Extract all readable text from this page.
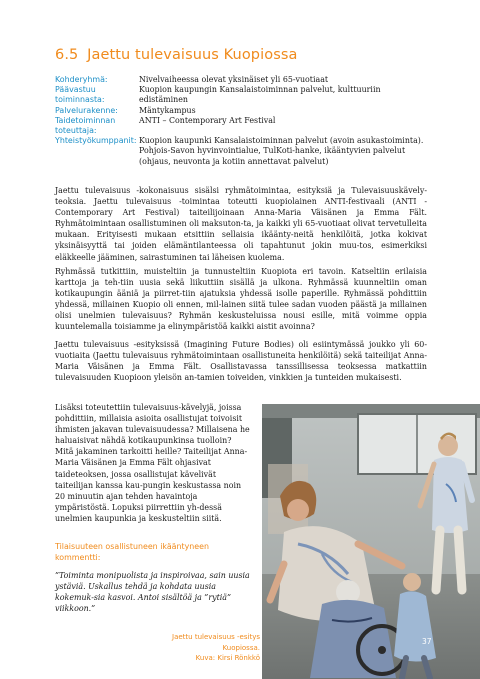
6.5 Jaettu tulevaisuus Kuopiossa
Kohderyhmä:	Nivelvaiheessa olevat yksinäiset yli 65-vuotiaat
Päävastuu toiminnasta:
Kuopion kaupungin Kansalaistoiminnan palvelut, kulttuuriin edistäminen
Palvelurakenne:	Mäntykampus
Taidetoiminnan toteuttaja:
ANTI – Contemporary Art Festival
Yhteistyökumppanit: Kuopion kaupunki Kansalaistoiminnan palvelut (avoin asukastoiminta). Pohjois-Savon hyvinvointialue, TulKoti-hanke, ikääntyvien palvelut (ohjaus, neuvonta ja kotiin annettavat palvelut)

Jaettu tulevaisuus -kokonaisuus sisälsi ryhmätoimintaa, esityksiä ja Tulevaisuuskävely-teoksia. Jaettu tulevaisuus -toimintaa toteutti kuopiolainen ANTI-festivaali (ANTI - Contemporary Art Festival) taiteilijoinaan Anna-Maria Väisänen ja Emma Fält. Ryhmätoimintaan osallistuminen oli maksuton-ta, ja kaikki yli 65-vuotiaat olivat tervetulleita mukaan. Erityisesti mukaan etsittiin sellaisia ikäänty-neitä henkilöitä, jotka kokivat yksinäisyyttä tai joiden elämäntilanteessa oli tapahtunut jokin muu-tos, esimerkiksi eläkkeelle jääminen, sairastuminen tai läheisen kuolema.

Ryhmässä tutkittiin, muisteltiin ja tunnusteltiin Kuopiota eri tavoin. Katseltiin erilaisia karttoja ja teh-tiin uusia sekä liikuttiin sisällä ja ulkona. Ryhmässä kuunneltiin oman kotikaupungin ääniä ja piirret-tiin ajatuksia yhdessä isolle paperille. Ryhmässä pohdittiin yhdessä, millainen Kuopio oli ennen, mil-lainen siitä tulee sadan vuoden päästä ja millainen olisi unelmien tulevaisuus? Ryhmän keskusteluissa nousi esille, mitä voimme oppia kuuntelemalla toisiamme ja elinympäristöä kaikki aistit avoinna?

Jaettu tulevaisuus -esityksissä (Imagining Future Bodies) oli esiintymässä joukko yli 60-vuotiaita (Jaettu tulevaisuus ryhmätoimintaan osallistuneita henkilöitä) sekä taiteilijat Anna-Maria Väisänen ja Emma Fält. Osallistavassa tanssillisessa teoksessa matkattiin tulevaisuuden Kuopioon yleisön an-tamien toiveiden, vinkkien ja tunteiden mukaisesti.

Lisäksi toteutettiin tulevaisuus-kävelyjä, joissa pohdittiin, millaisia asioita osallistujat toivoisit ihmisten jakavan tulevaisuudessa? Millaisena he haluaisivat nähdä kotikaupunkinsa tuolloin? Mitä jakaminen tarkoitti heille? Taiteilijat Anna-Maria Väisänen ja Emma Fält ohjasivat taideteoksen, jossa osallistujat kävelivät taiteilijan kanssa kau-pungin keskustassa noin 20 minuutin ajan tehden havaintoja ympäristöstä. Lopuksi piirrettiin yh-dessä unelmien kaupunkia ja keskusteltiin siitä.

Tilaisuuteen osallistuneen ikääntyneen kommentti:

”Toiminta monipuolista ja inspiroivaa, sain uusia ystäviä. Uskallus tehdä ja kohdata uusia kokemuk-sia kasvoi. Antoi sisältöä ja ”rytiä” viikkoon.”

Jaettu tulevaisuus -esitys Kuopiossa.
Kuva: Kirsi Rönkkö
37
